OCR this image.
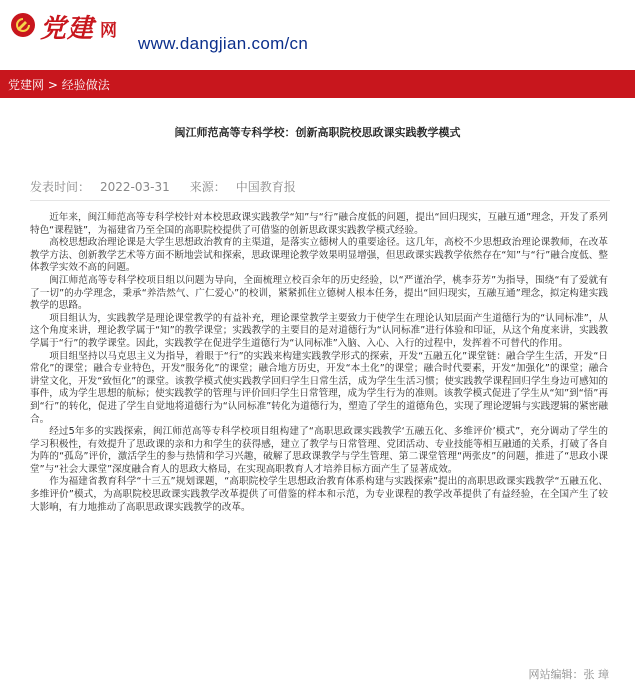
党建 网
www.dangjian.com/cn
党建网 > 经验做法
闽江师范高等专科学校：创新高职院校思政课实践教学模式
发表时间： 2022-03-31 来源： 中国教育报

近年来，闽江师范高等专科学校针对本校思政课实践教学“知”与“行”融合度低的问题，提出“回归现实，互融互通”理念，开发了系列特色“课程链”，为福建省乃至全国的高职院校提供了可借鉴的创新思政课实践教学模式经验。

高校思想政治理论课是大学生思想政治教育的主渠道，是落实立德树人的重要途径。这几年，高校不少思想政治理论课教师，在改革教学方法、创新教学艺术等方面不断地尝试和探索，思政课理论教学效果明显增强，但思政课实践教学依然存在“知”与“行”融合度低、整体教学实效不高的问题。

闽江师范高等专科学校项目组以问题为导向，全面梳理立校百余年的历史经验，以“严谨治学，桃李芬芳”为指导，围绕“有了爱就有了一切”的办学理念，秉承“养浩然气、广仁爱心”的校训，紧紧抓住立德树人根本任务，提出“回归现实，互融互通”理念，拟定构建实践教学的思路。

项目组认为，实践教学是理论课堂教学的有益补充，理论课堂教学主要致力于使学生在理论认知层面产生道德行为的“认同标准”，从这个角度来讲，理论教学属于“知”的教学课堂；实践教学的主要目的是对道德行为“认同标准”进行体验和印证，从这个角度来讲，实践教学属于“行”的教学课堂。因此，实践教学在促进学生道德行为“认同标准”入脑、入心、入行的过程中，发挥着不可替代的作用。

项目组坚持以马克思主义为指导，着眼于“行”的实践来构建实践教学形式的探索，开发“五融五化”课堂链：融合学生生活，开发“日常化”的课堂；融合专业特色，开发“服务化”的课堂；融合地方历史，开发“本土化”的课堂；融合时代要素，开发“加强化”的课堂；融合讲堂文化，开发“致恒化”的课堂。该教学模式使实践教学回归学生日常生活，成为学生生活习惯；使实践教学课程回归学生身边可感知的事件，成为学生思想的航标；使实践教学的管理与评价回归学生日常管理，成为学生行为的准则。该教学模式促进了学生从“知”到“悟”再到“行”的转化，促进了学生自觉地将道德行为“认同标准”转化为道德行为，塑造了学生的道德角色，实现了理论逻辑与实践逻辑的紧密融合。

经过5年多的实践探索，闽江师范高等专科学校项目组构建了“高职思政课实践教学‘五融五化、多维评价’模式”，充分调动了学生的学习积极性，有效提升了思政课的亲和力和学生的获得感，建立了教学与日常管理、党团活动、专业技能等相互融通的关系，打破了各自为阵的“孤岛”评价，激活学生的参与热情和学习兴趣，破解了思政课教学与学生管理、第二课堂管理“两张皮”的问题，推进了“思政小课堂”与“社会大课堂”深度融合育人的思政大格局，在实现高职教育人才培养目标方面产生了显著成效。

作为福建省教育科学“十三五”规划课题，“高职院校学生思想政治教育体系构建与实践探索”提出的高职思政课实践教学“五融五化、多维评价”模式，为高职院校思政课实践教学改革提供了可借鉴的样本和示范，为专业课程的教学改革提供了有益经验，在全国产生了较大影响，有力地推动了高职思政课实践教学的改革。

网站编辑：张 璋
